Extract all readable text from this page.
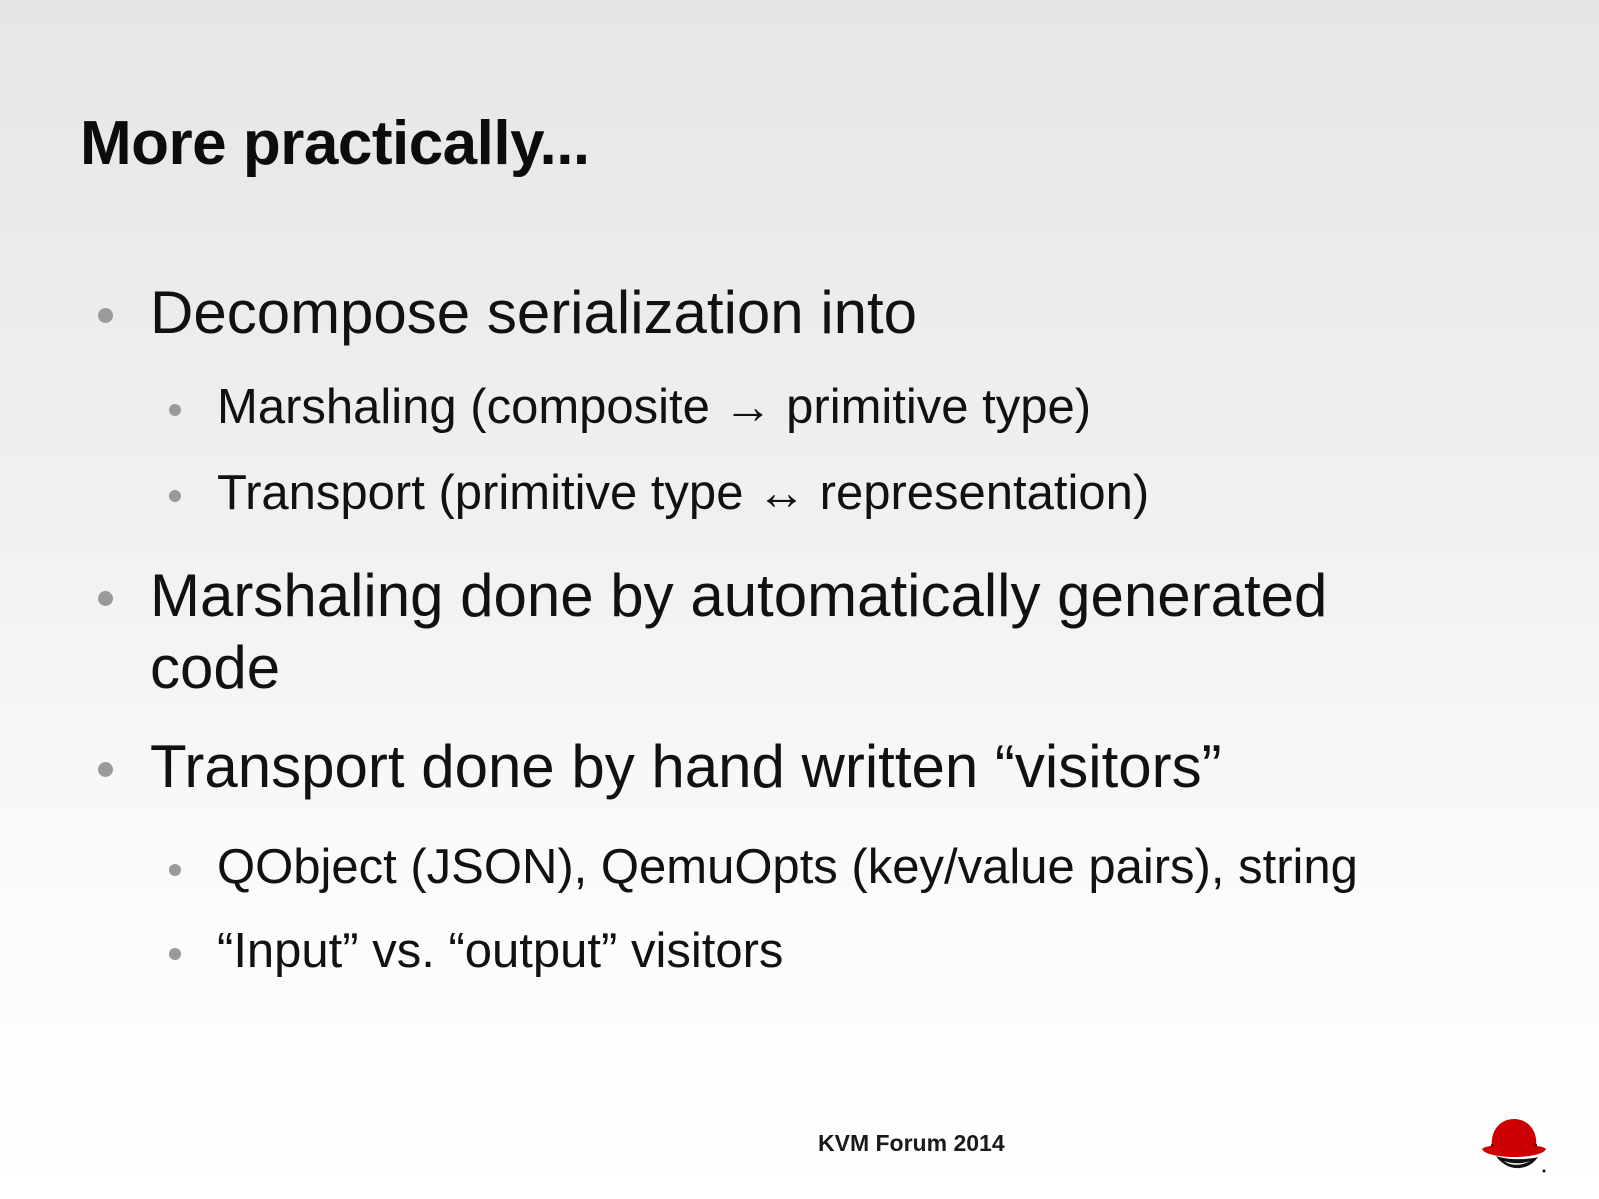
More practically...
Decompose serialization into
Marshaling (composite → primitive type)
Transport (primitive type ↔ representation)
Marshaling done by automatically generated
code
Transport done by hand written “visitors”
QObject (JSON), QemuOpts (key/value pairs), string
“Input” vs. “output” visitors
KVM Forum 2014
